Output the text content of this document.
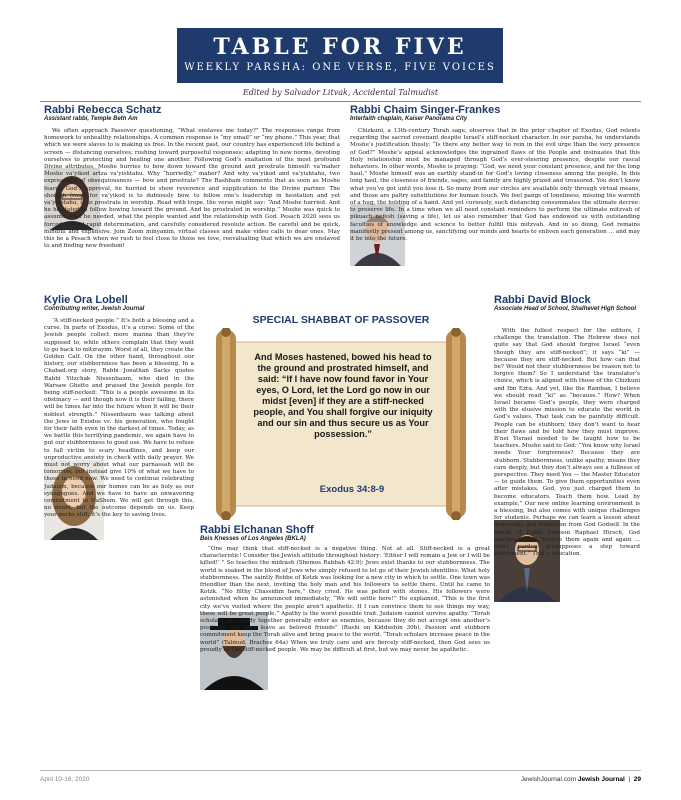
TABLE FOR FIVE
WEEKLY PARSHA: ONE VERSE, FIVE VOICES
Edited by Salvador Litvak, Accidental Talmudist
Rabbi Rebecca Schatz
Assistant rabbi, Temple Beth Am

We often approach Passover questioning, “What enslaves me today?” The responses range from homework to unhealthy relationships. A common response is “my email” or “my phone.” This year, that which we were slaves to is making us free. In the recent past, our country has experienced life behind a screen — distancing ourselves; rushing toward purposeful responses; adapting to new norms, devoting ourselves to protecting and healing one another. Following God’s exaltation of the most profound Divine attributes, Moshe hurries to bow down toward the ground and prostrate himself: va’maher Moshe va’yikod artza va’yishtahu. Why “hurriedly,” maher? And why va’yikod and va’yishtahu, two expressions of obsequiousness — bow and prostrate? The Rashbam comments that as soon as Moshe feared God’s approval, he hurried to show reverence and supplication to the Divine partner. The shoresh (root) for va’yikod is to dubiously bow, to follow one’s leadership in hesitation and yet va’yishtahu, is to prostrate in worship. Read with trope, the verse might say: “And Moshe hurried. And he hesitated to follow bowing toward the ground. And he prostrated in worship.” Moshe was quick to assume what he needed, what the people wanted and the relationship with God. Pesach 2020 sees us forced toward rapid determination, and carefully considered resolute action. Be careful and be quick, mindful and expansive. Join Zoom minyanim, virtual classes and make video calls to dear ones. May this be a Pesach when we rush to feel close to those we love, reevaluating that which we are enslaved to and finding new freedom!

Rabbi Chaim Singer-Frankes
Interfaith chaplain, Kaiser Panorama City

Chizkuni, a 13th-century Torah sage, observes that in the prior chapter of Exodus, God relents regarding the sacred covenant despite Israel’s stiff-necked character. In our parsha, he understands Moshe’s justification thusly: “Is there any better way to rein in the evil urge than the very presence of God?” Moshe’s appeal acknowledges the ingrained flaws of the People and insinuates that this Holy relationship must be managed through God’s ever-steering presence, despite our rascal behaviors. In other words, Moshe is praying: “God, we need your constant presence, and for the long haul.” Moshe himself was an earthly stand-in for God’s loving closeness among the people. In this long haul, the closeness of friends, sages, and family are highly prized and treasured. You don’t know what you’ve got until you lose it. So many from our circles are available only through virtual means, and those are paltry substitutions for human touch. We feel pangs of loneliness, missing the warmth of a hug, the holding of a hand. And yet curiously, such distancing consummates the ultimate decree: to preserve life. In a time when we all need constant reminders to perform the ultimate mitzvah of pikuach nefesh (saving a life), let us also remember that God has endowed us with outstanding faculties of knowledge and science to better fulfill this mitzvah. And in so doing, God remains manifestly present among us, sanctifying our minds and hearts to enliven each generation … and may it be into the future.

Kylie Ora Lobell
Contributing writer, Jewish Journal

“A stiff-necked people.” It’s both a blessing and a curse. In parts of Exodus, it’s a curse: Some of the Jewish people collect more manna than they’re supposed to, while others complain that they want to go back to mitzrayim. Worst of all, they create the Golden Calf. On the other hand, throughout our history, our stubbornness has been a blessing. In a Chabad.org story, Rabbi Jonathan Sacks quotes Rabbi Yitzchak Nissenbaum, who died in the Warsaw Ghetto and praised the Jewish people for being stiff-necked: “This is a people awesome in its obstinacy — and though now it is their failing, there will be times far into the future when it will be their noblest strength.” Nissenbaum was talking about the Jews in Exodus vs. his generation, who fought for their faith even in the darkest of times. Today, as we battle this terrifying pandemic, we again have to put our stubbornness to good use. We have to refuse to fall victim to scary headlines, and keep our unproductive anxiety in check with daily prayer. We must not worry about what our parnassah will be tomorrow, but instead give 10% of what we have to those in need now. We need to continue celebrating Judaism, because our homes can be as holy as our synagogues. And we have to have an unwavering commitment to HaShem. We will get through this, no doubt, but the outcome depends on us. Keep your necks stiff; it’s the key to saving lives.

SPECIAL SHABBAT OF PASSOVER
And Moses hastened, bowed his head to the ground and prostrated himself, and said: “If I have now found favor in Your eyes, O Lord, let the Lord go now in our midst [even] if they are a stiff-necked people, and You shall forgive our iniquity and our sin and thus secure us as Your possession.”
Exodus 34:8-9
Rabbi Elchanan Shoff
Beis Knesses of Los Angeles (BKLA)

“One may think that stiff-necked is a negative thing. Not at all. Stiff-necked is a great characteristic! Consider the Jewish attitude throughout history: ‘Either I will remain a Jew or I will be killed!’ ” So teaches the midrash (Shemos Rabbah 42:9): Jews exist thanks to our stubbornness. The world is soaked in the blood of Jews who simply refused to let go of their Jewish identities. What holy stubbornness. The saintly Rebbe of Kotzk was looking for a new city in which to settle. One town was friendlier than the next, inviting the holy man and his followers to settle there. Until he came to Kotzk. “No filthy Chassidim here,” they cried. He was pelted with stones. His followers were astonished when he announced immediately, “We will settle here!” He explained, “This is the first city we’ve visited where the people aren’t apathetic. If I can convince them to see things my way, these will be great people.” Apathy is the worst possible trait. Judaism cannot survive apathy. “Torah scholars who study together generally enter as enemies, because they do not accept one another’s positions, but they leave as beloved friends” (Rashi on Kiddushin 30b). Passion and stubborn commitment keep the Torah alive and bring peace to the world. “Torah scholars increase peace in the world” (Talmud, Brachos 64a) When we truly care and are fiercely stiff-necked, then God sees us proudly as His stiff-necked people. We may be difficult at first, but we may never be apathetic.

Rabbi David Block
Associate Head of School, Shalhevet High School

With the fullest respect for the editors, I challenge the translation. The Hebrew does not quite say that God should forgive Israel “even though they are stiff-necked”; it says “ki” — because they are stiff-necked. But how can that be? Would not their stubbornness be reason not to forgive them? So I understand the translator’s choice, which is aligned with those of the Chizkuni and Ibn Ezra. And yet, like the Ramban, I believe we should read “ki” as “because.” How? When Israel became God’s people, they were charged with the elusive mission to educate the world in God’s values. That task can be painfully difficult. People can be stubborn; they don’t want to hear their flaws and be told how they must improve. B’nei Yisrael needed to be taught how to be teachers. Moshe said to God: “You know why Israel needs Your forgiveness? Because they are stubborn. Stubbornness, unlike apathy, means they care deeply, but they don’t always see a fullness of perspective. They need You — the Master Educator — to guide them. To give them opportunities even after mistakes. God, you just charged them to become educators. Teach them how. Lead by example.” Our new online learning environment is a blessing, but also comes with unique challenges for students. Perhaps we can learn a lesson about generosity and transition from God Godself. In the words of Rabbi Samson Raphael Hirsch, God teaches us to: “forgive them again and again … every pardon presupposes a step toward betterment.” That’s education.

April 10-16, 2020	JewishJournal.com Jewish Journal  |  29
